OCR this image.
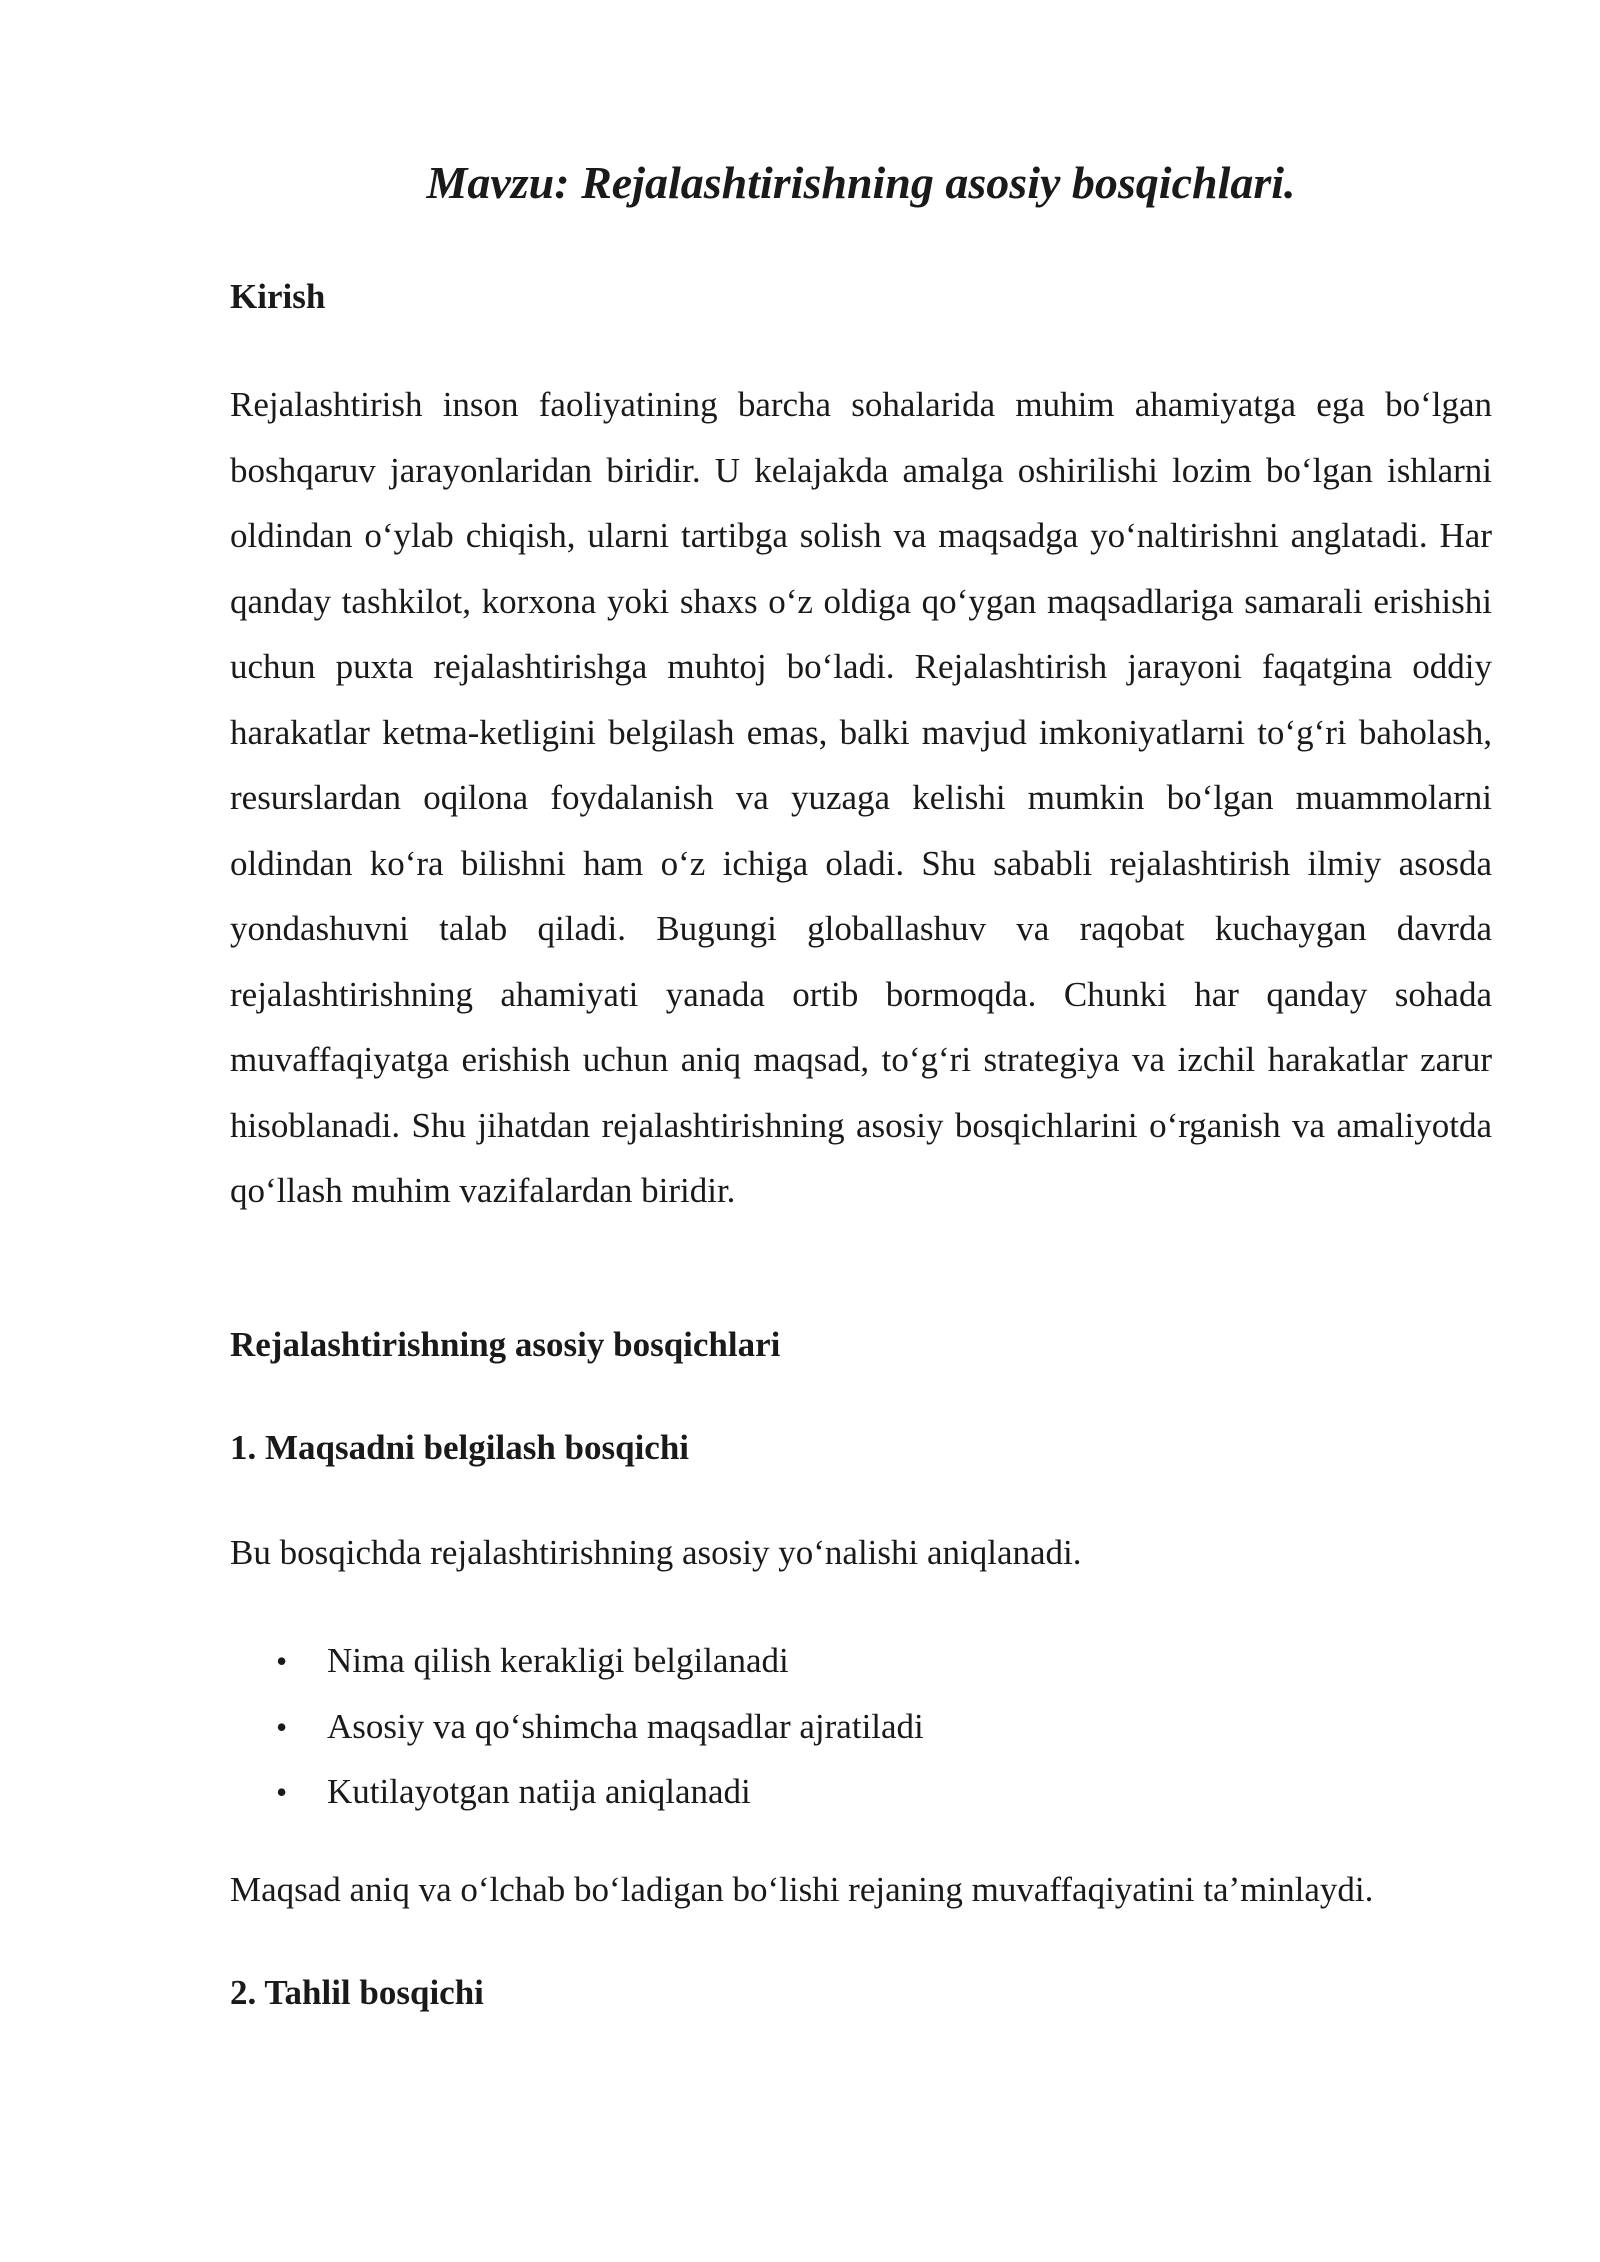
Mavzu: Rejalashtirishning asosiy bosqichlari.
Kirish

Rejalashtirish inson faoliyatining barcha sohalarida muhim ahamiyatga ega boʻlgan boshqaruv jarayonlaridan biridir. U kelajakda amalga oshirilishi lozim boʻlgan ishlarni oldindan oʻylab chiqish, ularni tartibga solish va maqsadga yoʻnaltirishni anglatadi. Har qanday tashkilot, korxona yoki shaxs oʻz oldiga qoʻygan maqsadlariga samarali erishishi uchun puxta rejalashtirishga muhtoj boʻladi. Rejalashtirish jarayoni faqatgina oddiy harakatlar ketma-ketligini belgilash emas, balki mavjud imkoniyatlarni toʻgʻri baholash, resurslardan oqilona foydalanish va yuzaga kelishi mumkin boʻlgan muammolarni oldindan koʻra bilishni ham oʻz ichiga oladi. Shu sababli rejalashtirish ilmiy asosda yondashuvni talab qiladi. Bugungi globallashuv va raqobat kuchaygan davrda rejalashtirishning ahamiyati yanada ortib bormoqda. Chunki har qanday sohada muvaffaqiyatga erishish uchun aniq maqsad, toʻgʻri strategiya va izchil harakatlar zarur hisoblanadi. Shu jihatdan rejalashtirishning asosiy bosqichlarini oʻrganish va amaliyotda qoʻllash muhim vazifalardan biridir.

Rejalashtirishning asosiy bosqichlari
1. Maqsadni belgilash bosqichi

Bu bosqichda rejalashtirishning asosiy yoʻnalishi aniqlanadi.

• Nima qilish kerakligi belgilanadi
• Asosiy va qoʻshimcha maqsadlar ajratiladi
• Kutilayotgan natija aniqlanadi

Maqsad aniq va oʻlchab boʻladigan boʻlishi rejaning muvaffaqiyatini taʼminlaydi.

2. Tahlil bosqichi
